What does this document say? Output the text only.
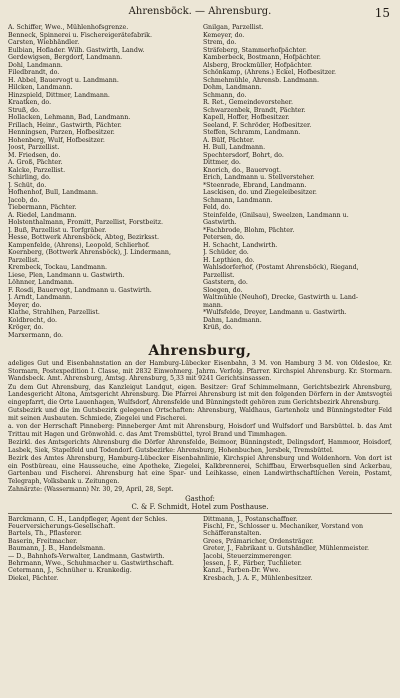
Ahrensböck. — Ahrensburg.	15
A. Schiffer, Wwe., Mühlenhofsgrenze.
Benneck, Spinnerei u. Fischereigerätefabrik.
Carsten, Wiebhändler.
Eulbian, Hoflader. Wilh. Gastwirth, Landw.
Gerdewigsen, Bergdorf, Landmann.
Dohl, Landmann.
Filedbrandt, do.
H. Abbel, Bauervogt u. Landmann.
Hilcken, Landmann.
Hinzspield, Dittmer, Landmann.
Kraatken, do.
Struß, do.
Hollacken, Lehmann, Bad, Landmann.
Frillach, Heinr., Gastwirth, Pächter.
Henningsen, Parzen, Hofbesitzer.
Hohenberg, Wulf, Hofbesitzer.
Joost, Parzellist.
M. Friedsen, do.
A. Groß, Pächter.
Kalcke, Parzellist.
Schirling, do.
J. Schüt, do.
Hofhenhof, Bull, Landmann.
Jacob, do.
Tiebermann, Pächter.
A. Riedel, Landmann.
Holstenthalmann, Fromitt, Parzellist, Forstbeitz.
J. Buß, Parzellist u. Torfgräber.
Hesse, Bottwerk Ahrensböck, Abteg, Bezirksst.
Kampenfelde, (Ahrens), Leopold, Schlierhof.
Koernberg, (Bottwerk Ahrensböck), J. Lindermann,
Parzellist.
Krembeck, Tockau, Landmann.
Liese, Plen, Landmann u. Gastwirth.
Löhnner, Landmann.
F. Rosdi, Bauervogt, Landmann u. Gastwirth.
J. Arndt, Landmann.
Meyer, do.
Klathe, Strahlhen, Parzellist.
Koldbrecht, do.
Kröger, do.
Marxermann, do.
Gnilgan, Parzellist.
Kemeyer, do.
Strem, do.
Sträfeberg, Stammerhofpächter.
Kamberbeck, Bostmann, Hofpächter.
Alsberg, Brockmüller, Hofpächter.
Schönkamp, (Ahrens.) Eckel, Hofbesitzer.
Schmehmühle, Ahrensb. Landmann.
Dohm, Landmann.
Schmann, do.
R. Ret., Gemeindevorsteher.
Schwarzenbek, Brandt, Pächter.
Kapell, Hoffer, Hofbesitzer.
Seeland, F. Schröder, Hofbesitzer.
Steffen, Schramm, Landmann.
A. Bülf, Pächter.
H. Bull, Landmann.
Spechtersdorf, Bohrt, do.
Dittmer, do.
Knorich, do., Bauervogt.
Erich, Landmann u. Stellversteher.
*Steenrade, Ebrand, Landmann.
Lasckisen, do. und Ziegeleibesitzer.
Schmann, Landmann.
Feld, do.
Steinfelde, (Gnilsau), Sweelzen, Landmann u.
Gastwirth.
*Fachbrode, Blohm, Pächter.
Petersen, do.
H. Schacht, Landwirth.
J. Schüder, do.
H. Lepthien, do.
Wahlsdorferhof, (Postamt Ahrensböck), Riegand,
Parzellist.
Gaststern, do.
Sloegen, do.
Waltmühle (Neuhof), Drecke, Gastwirth u. Land-
mann.
*Wulfsfelde, Dreyer, Landmann u. Gastwirth.
Dahm, Landmann.
Krüß, do.
Ahrensburg,

adeliges Gut und Eisenbahnstation an der Hamburg-Lübecker Eisenbahn, 3 M. von Hamburg 3 M. von Oldesloe, Kr. Stormarn, Postexpedition I. Classe, mit 2832 Einwohnerg. Jahrm. Verfolg. Pfarrer. Kirchspiel Ahrensburg. Kr. Stormarn. Wandsbeck. Amt. Ahrensburg, Amtsg. Ahrensburg, 5,33 mit 9241 Gerichtsinsassen.

Zu dem Gut Ahrensburg, das Kanzleigut Landgut, eigen. Besitzer: Graf Schimmelmann, Gerichtsbezirk Ahrensburg, Landesgericht Altona, Amtsgericht Ahrensburg. Die Pfarrei Ahrensburg ist mit den folgenden Dörfern in der Amtsvogtei eingepfarrt, die Orte Lauenhagen, Wulfsdorf, Ahrensfelde und Bünningstedt gehören zum Gerichtsbezirk Ahrensburg.

Gutsbezirk und die im Gutsbezirk gelegenen Ortschaften: Ahrensburg, Waldhaus, Gartenholz und Bünningstedter Feld mit seinen Ausbauten. Schmiede, Ziegelei und Fischerei.

a. von der Herrschaft Pinneberg: Pinneberger Amt mit Ahrensburg, Hoisdorf und Wulfsdorf und Barsbüttel. b. das Amt Trittau mit Hagen und Grönwohld. c. das Amt Tremsbüttel, tyrol Brand und Timmhagen.

Bezirkl. des Amtsgerichts Ahrensburg die Dörfer Ahrensfelde, Beimoor, Bünningstedt, Delingsdorf, Hammoor, Hoisdorf, Lasbek, Siek, Stapelfeld und Todendorf. Gutsbezirke: Ahrensburg, Hohenbuchen, Jersbek, Tremsbüttel.

Bezirk des Amtes Ahrensburg, Hamburg-Lübecker Eisenbahnlinie, Kirchspiel Ahrensburg und Woldenhorn. Von dort ist ein Postbüreau, eine Hausseuche, eine Apotheke, Ziegelei, Kalkbrennerei, Schiffbau, Erwerbsquellen sind Ackerbau, Gartenbau und Fischerei. Ahrensburg hat eine Spar- und Leihkasse, einen Landwirthschaftlichen Verein, Postamt, Telegraph, Volksbank u. Zeitungen.

Zahnärzte: (Wassermann) Nr. 30, 29, April, 28, Sept.

Gasthof:
C. & F. Schmidt, Hotel zum Posthause.
Barckmann, C. H., Landpfleger, Agent der Schles.
Feuerversicherungs-Gesellschaft.
Bartels, Th., Pflasterer.
Baserin, Freitmacher.
Baumann, J. B., Handelsmann.
— D., Bahnhofs-Verwalter, Landmann, Gastwirth.
Behrmann, Wwe., Schuhmacher u. Gastwirthschaft.
Cetermann, J., Schnüher u. Krankedig.
Diekel, Pächter.
Dittmann, J., Postanschaffner.
Fischl, Fr., Schlosser u. Mechaniker, Vorstand von
Schäfferanstalten.
Grees, Prämaricher, Ordensträger.
Greter, J., Fabrikant u. Gutshändler, Mühlenmeister.
Jacobi, Steuerzimmerenger.
Jessen, J. F., Färber, Tuchlieter.
Kanzl., Farben-Dr. Wwe.
Kresbach, J. A. F., Mühlenbesitzer.
